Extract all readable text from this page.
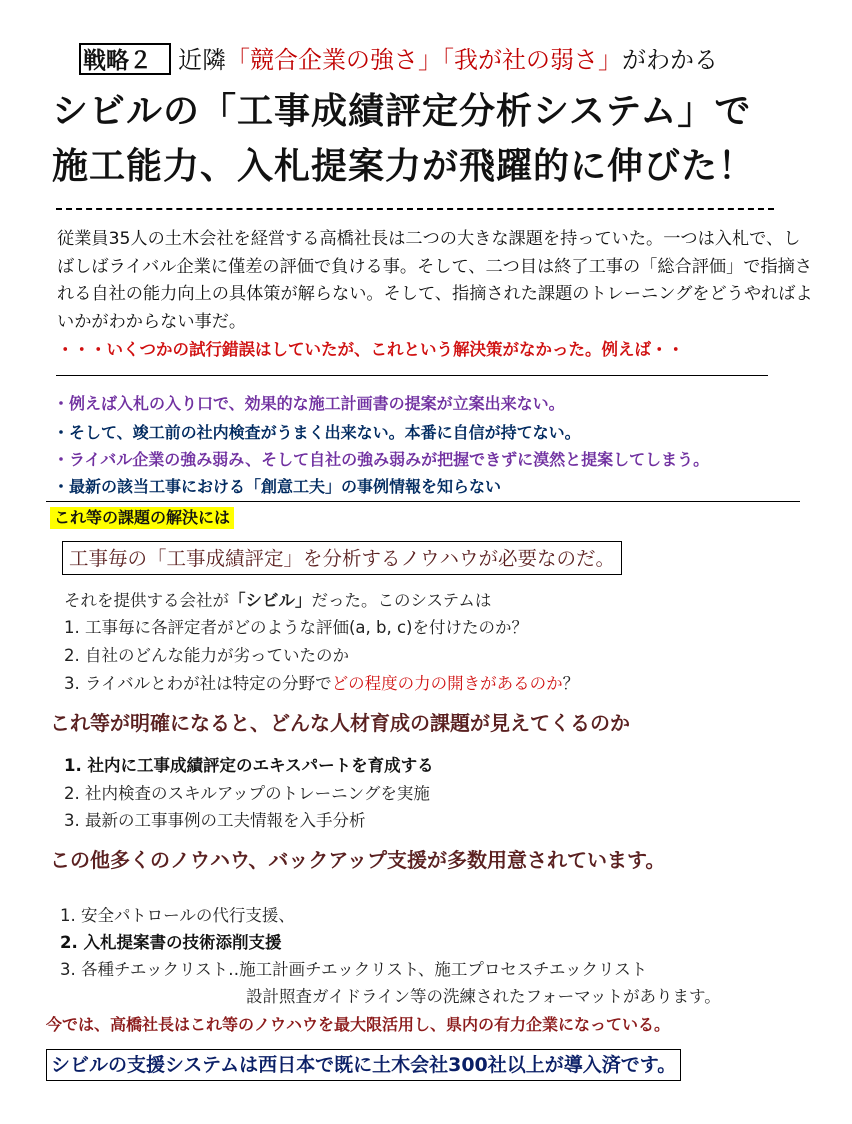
戦略２	近隣「競合企業の強さ」「我が社の弱さ」がわかる
シビルの「工事成績評定分析システム」で
施工能力、入札提案力が飛躍的に伸びた！
従業員35人の土木会社を経営する高橋社長は二つの大きな課題を持っていた。一つは入札で、しばしばライバル企業に僅差の評価で負ける事。そして、二つ目は終了工事の「総合評価」で指摘される自社の能力向上の具体策が解らない。そして、指摘された課題のトレーニングをどうやればよいかがわからない事だ。
・・・いくつかの試行錯誤はしていたが、これという解決策がなかった。例えば・・
・例えば入札の入り口で、効果的な施工計画書の提案が立案出来ない。
・そして、竣工前の社内検査がうまく出来ない。本番に自信が持てない。
・ライバル企業の強み弱み、そして自社の強み弱みが把握できずに漠然と提案してしまう。
・最新の該当工事における「創意工夫」の事例情報を知らない
これ等の課題の解決には
工事毎の「工事成績評定」を分析するノウハウが必要なのだ。
それを提供する会社が「シビル」だった。このシステムは
1. 工事毎に各評定者がどのような評価(a, b, c)を付けたのか？
2. 自社のどんな能力が劣っていたのか
3. ライバルとわが社は特定の分野でどの程度の力の開きがあるのか？
これ等が明確になると、どんな人材育成の課題が見えてくるのか
1. 社内に工事成績評定のエキスパートを育成する
2. 社内検査のスキルアップのトレーニングを実施
3. 最新の工事事例の工夫情報を入手分析
この他多くのノウハウ、バックアップ支援が多数用意されています。
1. 安全パトロールの代行支援、
2. 入札提案書の技術添削支援
3. 各種チエックリスト‥施工計画チエックリスト、施工プロセスチエックリスト
設計照査ガイドライン等の洗練されたフォーマットがあります。
今では、高橋社長はこれ等のノウハウを最大限活用し、県内の有力企業になっている。
シビルの支援システムは西日本で既に土木会社300社以上が導入済です。
